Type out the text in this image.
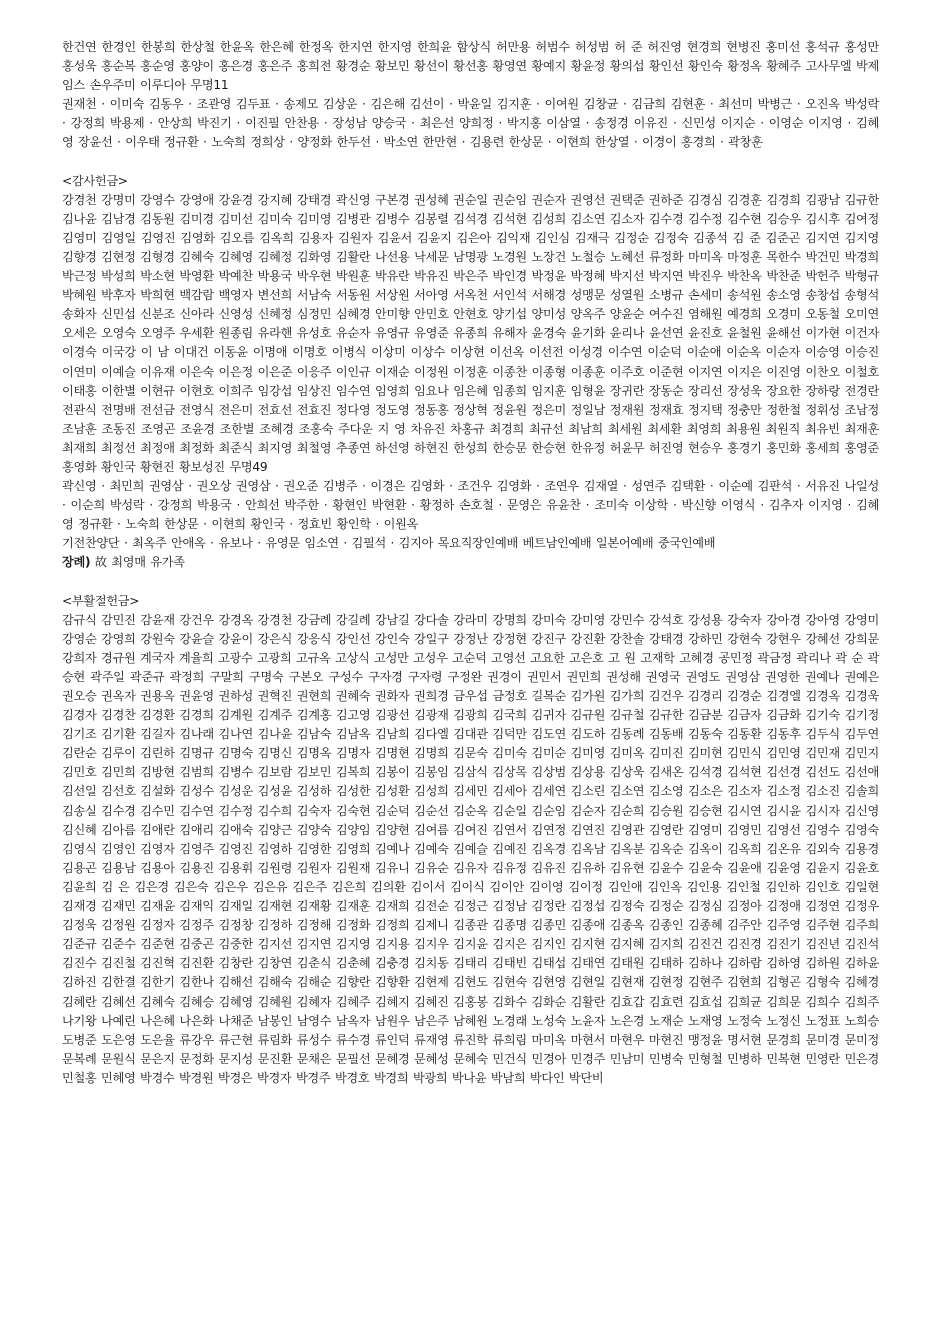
한건연 한경인 한봉희 한상철 한윤옥 한은혜 한정옥 한지연 한지영 한희윤 함상식 허만용 허범수 허성범 허 준 허진영 현경희 현병진 홍미선 홍석규 홍성만 홍성욱 홍순복 홍순영 홍양이 홍은경 홍은주 홍희전 황경순 황보민 황선이 황선홍 황영연 황예지 황윤정 황의섭 황인선 황인숙 황정옥 황혜주 고사무엘 박제임스 손우주미 이루디아 무명11

권재천 · 이미숙 김동우 · 조관영 김두표 · 송제모 김상운 · 김은해 김선이 · 박윤일 김지훈 · 이여원 김창균 · 김금희 김현훈 · 최선미 박병근 · 오진옥 박성락 · 강정희 박용제 · 안상희 박진기 · 이진필 안찬용 · 장성남 양승국 · 최은선 양희정 · 박지홍 이삼열 · 송정경 이유진 · 신민성 이지순 · 이영순 이지영 · 김혜영 장윤선 · 이우태 정규환 · 노숙희 정희상 · 양정화 한두선 · 박소연 한만현 · 김용련 한상문 · 이현희 한상열 · 이경이 홍경희 · 곽창훈

<감사헌금>

강경천 강명미 강영수 강영애 강윤경 강지혜 강태경 곽신영 구본경 권성혜 권순일 권순임 권순자 권영선 권택준 권하준 김경심 김경훈 김경희 김광남 김규한 김나윤 김남경 김동원 김미경 김미선 김미숙 김미영 김병관 김병수 김봉렬 김석경 김석현 김성희 김소연 김소자 김수경 김수정 김수현 김승우 김시후 김여정 김영미 김영일 김영진 김영화 김오름 김옥희 김용자 김원자 김윤서 김윤지 김은아 김익재 김인심 김재극 김정순 김정숙 김종석 김 준 김준곤 김지연 김지영 김향경 김현정 김형경 김혜숙 김혜영 김혜정 김화영 김활란 나선용 낙세문 남명광 노경원 노장건 노철승 노혜선 류정화 마미옥 마정훈 목한수 박건민 박경희 박근정 박성희 박소현 박영환 박예찬 박용국 박우현 박원훈 박유란 박유진 박은주 박인경 박정윤 박정혜 박지선 박지연 박진우 박찬옥 박찬준 박헌주 박형규 박혜원 박후자 박희현 백감람 백영자 변선희 서남숙 서동원 서상원 서아영 서옥천 서인석 서해경 성맹문 성열원 소병규 손세미 송석원 송소영 송창섭 송형석 송화자 신민섭 신분조 신아라 신영성 신혜정 심정민 심혜경 안미향 안민호 안현호 양기섭 양미성 양옥주 양윤순 여수진 염해원 예경희 오경미 오동철 오미연 오세은 오영숙 오영주 우세환 원종림 유라핸 유성호 유순자 유영규 유영준 유종희 유해자 윤경숙 윤기화 윤리나 윤선연 윤진호 윤철원 윤해선 이가현 이건자 이경숙 이국강 이 남 이대건 이동윤 이명애 이명호 이병식 이상미 이상수 이상현 이선옥 이선전 이성경 이수연 이순덕 이순애 이순옥 이순자 이승영 이승진 이연미 이예슬 이유재 이은숙 이은정 이은준 이응주 이인규 이재순 이정원 이정훈 이종찬 이종형 이종훈 이주호 이준현 이지연 이지은 이진영 이찬오 이철호 이태홍 이한별 이현규 이현호 이희주 임강섭 임상진 임수연 임영희 임요나 임은혜 임종희 임지훈 임형윤 장귀란 장동순 장리선 장성욱 장요한 장하랑 전경란 전관식 전명배 전선금 전영식 전은미 전효선 전효진 정다영 정도영 정동홍 정상혁 정윤원 정은미 정일남 정재원 정재효 정지택 정충만 정한철 정휘성 조남정 조남훈 조동진 조영곤 조윤경 조한별 조혜경 조홍숙 주다운 지 영 차유진 차홍규 최경희 최규선 최남희 최세원 최세환 최영희 최용원 최원직 최유빈 최재훈 최재희 최정선 최정애 최정화 최준식 최지영 최철영 추종연 하선영 하현진 한성희 한승문 한승현 한유정 허윤무 허진영 현승우 홍경기 홍민화 홍세희 홍영준 홍영화 황인국 황현진 황보성진 무명49

곽신영 · 최민희 권영삼 · 권오상 권영삼 · 권오준 김병주 · 이경은 김영화 · 조건우 김영화 · 조연우 김재열 · 성연주 김택환 · 이순예 김판석 · 서유진 나일성 · 이순희 박성락 · 강정희 박용국 · 안희선 박주한 · 황현인 박현환 · 황정하 손호철 · 문영은 유윤찬 · 조미숙 이상학 · 박신향 이영식 · 김추자 이지영 · 김혜영 정규환 · 노숙희 한상문 · 이현희 황인국 · 정효빈 황인학 · 이원옥

기전찬양단 · 최옥주 안애옥 · 유보나 · 유영문 임소연 · 김필석 · 김지아 목요직장인예배 베트남인예배 일본어예배 중국인예배

장례) 故 최영매 유가족

<부활절헌금>

감규식 감민진 감윤재 강건우 강경옥 강경천 강금례 강길례 강남길 강다솔 강라미 강명희 강미숙 강미영 강민수 강석호 강성용 강숙자 강아경 강아영 강영미 강영순 강영희 강원숙 강윤슬 강윤이 강은식 강응식 강인선 강인숙 강일구 강정난 강정현 강진구 강진환 강찬솔 강태경 강하민 강현숙 강현우 강혜선 강희문 강희자 경규원 계국자 계율희 고광수 고광희 고규옥 고상식 고성만 고성우 고순덕 고영선 고요한 고은호 고 원 고재학 고혜경 공민정 곽금정 곽리나 곽 순 곽승현 곽주일 곽준규 곽정희 구말희 구명숙 구본오 구성수 구자경 구자령 구정완 권경이 권민서 권민희 권성해 권영국 권영도 권영삼 권영한 권예나 권예은 권오승 권옥자 권용옥 권윤영 권하성 권혁진 권현희 권혜숙 권화자 권희경 금우섭 금정호 길복순 김가원 김가희 김건우 김경리 김경순 김경엘 김경옥 김경욱 김경자 김경찬 김경환 김경희 김계원 김계주 김계홍 김고영 김광선 김광재 김광희 김국희 김귀자 김규원 김규철 김규한 김금분 김금자 김금화 김기숙 김기정 김기조 김기환 김길자 김나래 김나연 김나윤 김남숙 김남옥 김남희 김다엘 김대관 김덕만 김도연 김도하 김동례 김동배 김동숙 김동환 김동후 김두식 김두연 김란순 김루이 김린하 김명규 김명숙 김명신 김명옥 김명자 김명현 김명희 김문숙 김미숙 김미순 김미영 김미옥 김미진 김미현 김민식 김민영 김민재 김민지 김민호 김민희 김방현 김범희 김병수 김보람 김보민 김복희 김봉이 김봉임 김삼식 김상목 김상범 김상용 김상욱 김새온 김석경 김석현 김선경 김선도 김선애 김선일 김선호 김설화 김성수 김성운 김성윤 김성하 김성한 김성환 김성희 김세민 김세아 김세연 김소린 김소연 김소영 김소은 김소자 김소정 김소진 김솔희 김송실 김수경 김수민 김수연 김수정 김수희 김숙자 김숙현 김순덕 김순선 김순옥 김순일 김순임 김순자 김순희 김승원 김승현 김시연 김시윤 김시자 김신영 김신혜 김아름 김애란 김애리 김애숙 김양근 김양숙 김양임 김양현 김여름 김여진 김연서 김연정 김연진 김영관 김영란 김영미 김영민 김영선 김영수 김영숙 김영식 김영인 김영자 김영주 김영진 김영하 김영한 김영희 김예나 김예숙 김예슬 김예진 김옥경 김옥남 김옥분 김옥순 김옥이 김옥희 김온유 김외숙 김용경 김용곤 김용남 김용아 김용진 김용휘 김원령 김원자 김원재 김유니 김유순 김유자 김유정 김유진 김유하 김유현 김윤수 김윤숙 김윤애 김윤영 김윤지 김윤호 김윤희 김 은 김은경 김은숙 김은우 김은유 김은주 김은희 김의환 김이서 김이식 김이안 김이영 김이정 김인애 김인옥 김인용 김인철 김인하 김인호 김일현 김재경 김재민 김재윤 김재익 김재일 김재현 김재황 김재훈 김재희 김전순 김정근 김정남 김정란 김정섭 김정숙 김정순 김정심 김정아 김정애 김정연 김정우 김정욱 김정원 김정자 김정주 김정창 김정하 김정해 김정화 김정희 김제니 김종관 김종명 김종민 김종애 김종옥 김종인 김종혜 김주안 김주영 김주현 김주희 김준규 김준수 김준현 김중곤 김중한 김지선 김지연 김지영 김지용 김지우 김지윤 김지은 김지인 김지현 김지혜 김지희 김진건 김진경 김진기 김진년 김진석 김진수 김진철 김진혁 김진환 김창란 김창연 김춘식 김춘혜 김충경 김치동 김태리 김태빈 김태섭 김태연 김태원 김태하 김하나 김하람 김하영 김하원 김하윤 김하진 김한결 김한기 김한나 김해선 김해숙 김해순 김향란 김향환 김현제 김현도 김현숙 김현영 김현일 김현재 김현정 김현주 김현희 김형곤 김형숙 김혜경 김혜란 김혜선 김혜숙 김혜승 김혜영 김혜원 김혜자 김혜주 김혜지 김혜진 김홍봉 김화수 김화순 김활란 김효갑 김효련 김효섭 김희균 김희문 김희수 김희주 나기왕 나예린 나은혜 나은화 나채준 남봉인 남영수 남옥자 남원우 남은주 남혜원 노경래 노성숙 노윤자 노은경 노재순 노재영 노정숙 노정신 노정표 노희승 도병준 도은영 도은율 류강우 류근현 류림화 류성수 류수경 류인덕 류재영 류진학 류희림 마미옥 마현서 마현우 마현진 맹정윤 명서현 문경희 문미경 문미정 문복례 문원식 문은지 문정화 문지성 문진환 문채은 문필선 문혜경 문혜성 문혜숙 민건식 민경아 민경주 민남미 민병숙 민형철 민병하 민복현 민영란 민은경 민철홍 민혜영 박경수 박경원 박경은 박경자 박경주 박경호 박경희 박광희 박나윤 박남희 박다인 박단비
